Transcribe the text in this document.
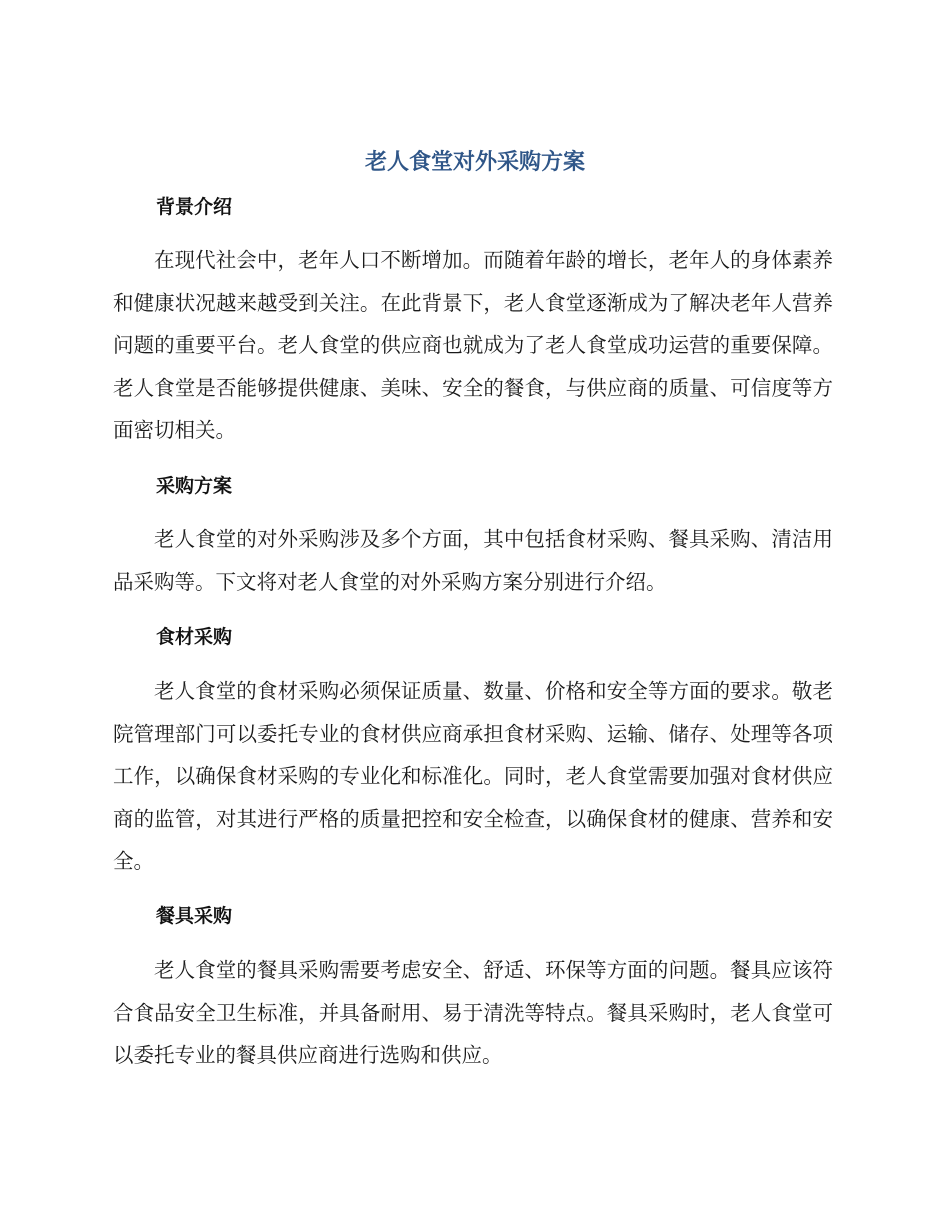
老人食堂对外采购方案
背景介绍

在现代社会中，老年人口不断增加。而随着年龄的增长，老年人的身体素养和健康状况越来越受到关注。在此背景下，老人食堂逐渐成为了解决老年人营养问题的重要平台。老人食堂的供应商也就成为了老人食堂成功运营的重要保障。老人食堂是否能够提供健康、美味、安全的餐食，与供应商的质量、可信度等方面密切相关。

采购方案

老人食堂的对外采购涉及多个方面，其中包括食材采购、餐具采购、清洁用品采购等。下文将对老人食堂的对外采购方案分别进行介绍。

食材采购

老人食堂的食材采购必须保证质量、数量、价格和安全等方面的要求。敬老院管理部门可以委托专业的食材供应商承担食材采购、运输、储存、处理等各项工作，以确保食材采购的专业化和标准化。同时，老人食堂需要加强对食材供应商的监管，对其进行严格的质量把控和安全检查，以确保食材的健康、营养和安全。

餐具采购

老人食堂的餐具采购需要考虑安全、舒适、环保等方面的问题。餐具应该符合食品安全卫生标准，并具备耐用、易于清洗等特点。餐具采购时，老人食堂可以委托专业的餐具供应商进行选购和供应。
